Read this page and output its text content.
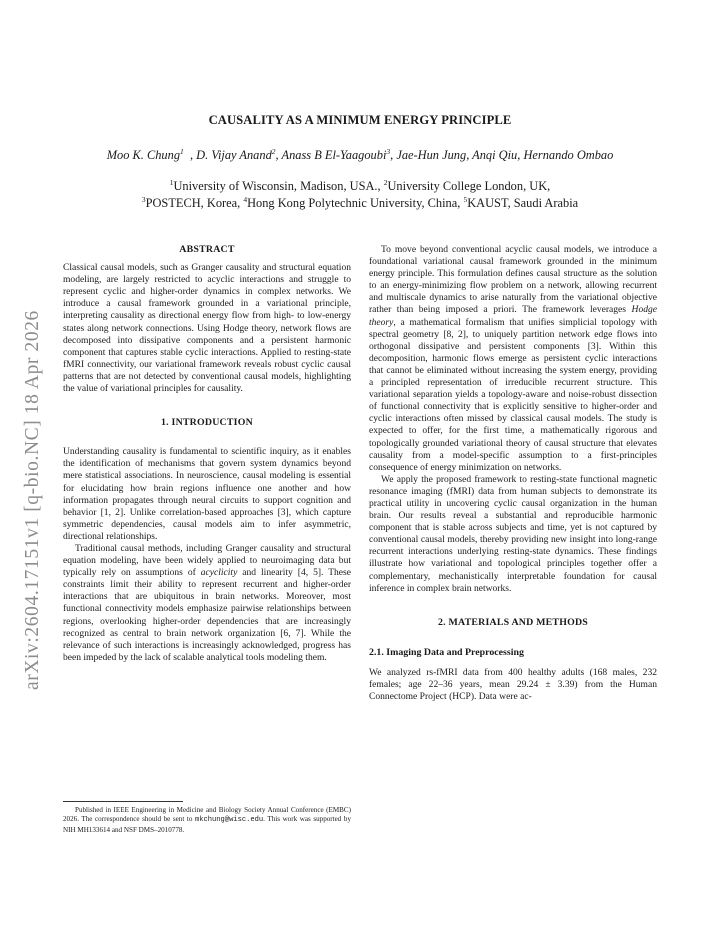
arXiv:2604.17151v1 [q-bio.NC] 18 Apr 2026
CAUSALITY AS A MINIMUM ENERGY PRINCIPLE
Moo K. Chung$^1$  , D. Vijay Anand$^2$, Anass B El-Yaagoubi$^3$, Jae-Hun Jung, Anqi Qiu, Hernando Ombao
$^1$University of Wisconsin, Madison, USA., $^2$University College London, UK,
$^3$POSTECH, Korea, $^4$Hong Kong Polytechnic University, China, $^5$KAUST, Saudi Arabia
ABSTRACT

Classical causal models, such as Granger causality and structural equation modeling, are largely restricted to acyclic interactions and struggle to represent cyclic and higher-order dynamics in complex networks. We introduce a causal framework grounded in a variational principle, interpreting causality as directional energy flow from high- to low-energy states along network connections. Using Hodge theory, network flows are decomposed into dissipative components and a persistent harmonic component that captures stable cyclic interactions. Applied to resting-state fMRI connectivity, our variational framework reveals robust cyclic causal patterns that are not detected by conventional causal models, highlighting the value of variational principles for causality.

1. INTRODUCTION

Understanding causality is fundamental to scientific inquiry, as it enables the identification of mechanisms that govern system dynamics beyond mere statistical associations. In neuroscience, causal modeling is essential for elucidating how brain regions influence one another and how information propagates through neural circuits to support cognition and behavior [1, 2]. Unlike correlation-based approaches [3], which capture symmetric dependencies, causal models aim to infer asymmetric, directional relationships.

Traditional causal methods, including Granger causality and structural equation modeling, have been widely applied to neuroimaging data but typically rely on assumptions of acyclicity and linearity [4, 5]. These constraints limit their ability to represent recurrent and higher-order interactions that are ubiquitous in brain networks. Moreover, most functional connectivity models emphasize pairwise relationships between regions, overlooking higher-order dependencies that are increasingly recognized as central to brain network organization [6, 7]. While the relevance of such interactions is increasingly acknowledged, progress has been impeded by the lack of scalable analytical tools modeling them.

Published in IEEE Engineering in Medicine and Biology Society Annual Conference (EMBC) 2026. The correspondence should be sent to mkchung@wisc.edu. This work was supported by NIH MH133614 and NSF DMS–2010778.

To move beyond conventional acyclic causal models, we introduce a foundational variational causal framework grounded in the minimum energy principle. This formulation defines causal structure as the solution to an energy-minimizing flow problem on a network, allowing recurrent and multiscale dynamics to arise naturally from the variational objective rather than being imposed a priori. The framework leverages Hodge theory, a mathematical formalism that unifies simplicial topology with spectral geometry [8, 2], to uniquely partition network edge flows into orthogonal dissipative and persistent components [3]. Within this decomposition, harmonic flows emerge as persistent cyclic interactions that cannot be eliminated without increasing the system energy, providing a principled representation of irreducible recurrent structure. This variational separation yields a topology-aware and noise-robust dissection of functional connectivity that is explicitly sensitive to higher-order and cyclic interactions often missed by classical causal models. The study is expected to offer, for the first time, a mathematically rigorous and topologically grounded variational theory of causal structure that elevates causality from a model-specific assumption to a first-principles consequence of energy minimization on networks.

We apply the proposed framework to resting-state functional magnetic resonance imaging (fMRI) data from human subjects to demonstrate its practical utility in uncovering cyclic causal organization in the human brain. Our results reveal a substantial and reproducible harmonic component that is stable across subjects and time, yet is not captured by conventional causal models, thereby providing new insight into long-range recurrent interactions underlying resting-state dynamics. These findings illustrate how variational and topological principles together offer a complementary, mechanistically interpretable foundation for causal inference in complex brain networks.

2. MATERIALS AND METHODS
2.1. Imaging Data and Preprocessing

We analyzed rs-fMRI data from 400 healthy adults (168 males, 232 females; age 22–36 years, mean 29.24 ± 3.39) from the Human Connectome Project (HCP). Data were ac-
